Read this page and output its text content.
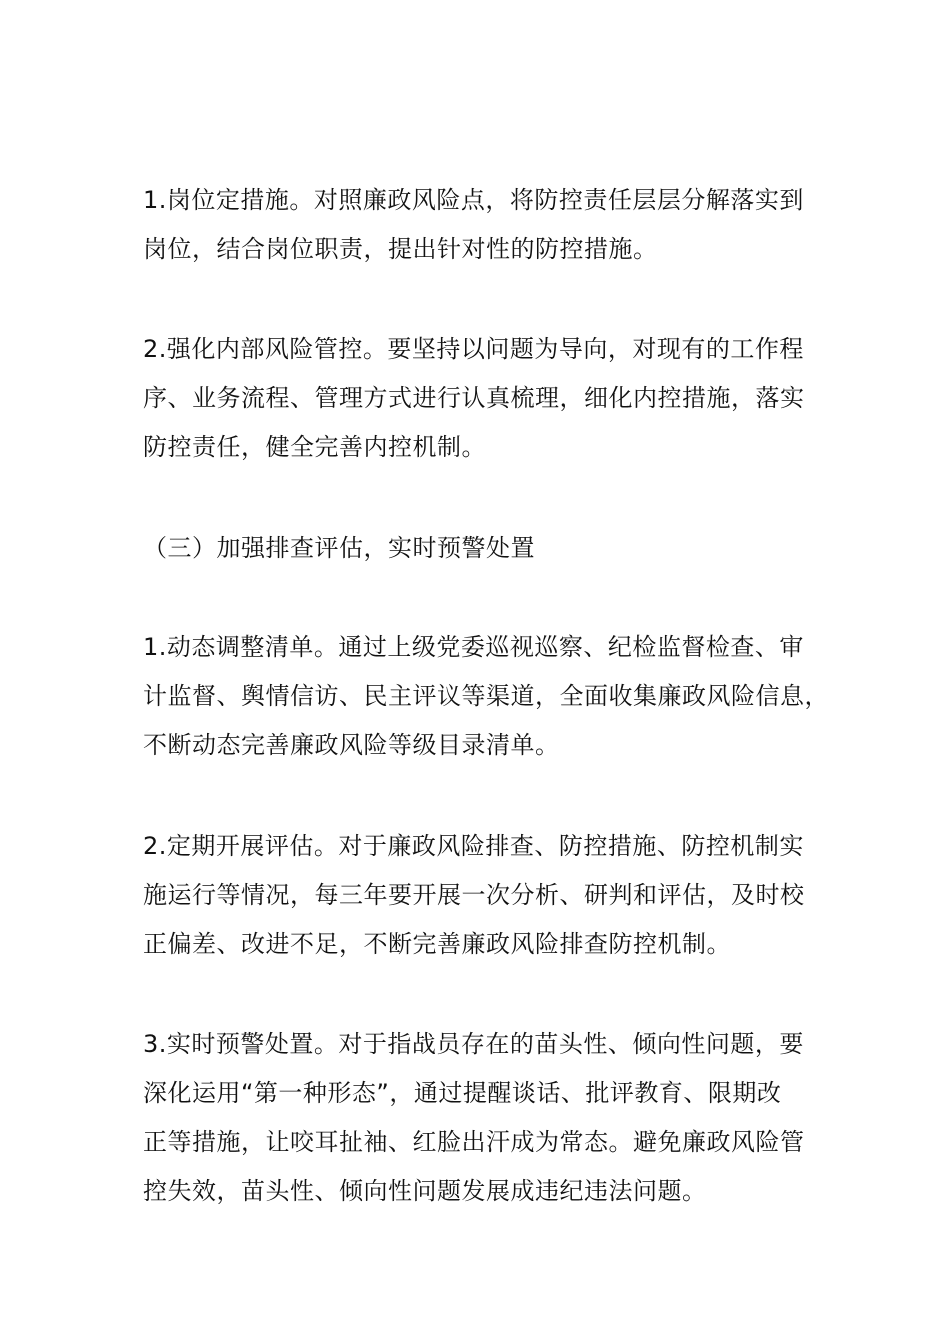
1.岗位定措施。对照廉政风险点，将防控责任层层分解落实到
岗位，结合岗位职责，提出针对性的防控措施。
2.强化内部风险管控。要坚持以问题为导向，对现有的工作程
序、业务流程、管理方式进行认真梳理，细化内控措施，落实
防控责任，健全完善内控机制。
（三）加强排查评估，实时预警处置
1.动态调整清单。通过上级党委巡视巡察、纪检监督检查、审
计监督、舆情信访、民主评议等渠道，全面收集廉政风险信息，
不断动态完善廉政风险等级目录清单。
2.定期开展评估。对于廉政风险排查、防控措施、防控机制实
施运行等情况，每三年要开展一次分析、研判和评估，及时校
正偏差、改进不足，不断完善廉政风险排查防控机制。
3.实时预警处置。对于指战员存在的苗头性、倾向性问题，要
深化运用“第一种形态”，通过提醒谈话、批评教育、限期改
正等措施，让咬耳扯袖、红脸出汗成为常态。避免廉政风险管
控失效，苗头性、倾向性问题发展成违纪违法问题。
